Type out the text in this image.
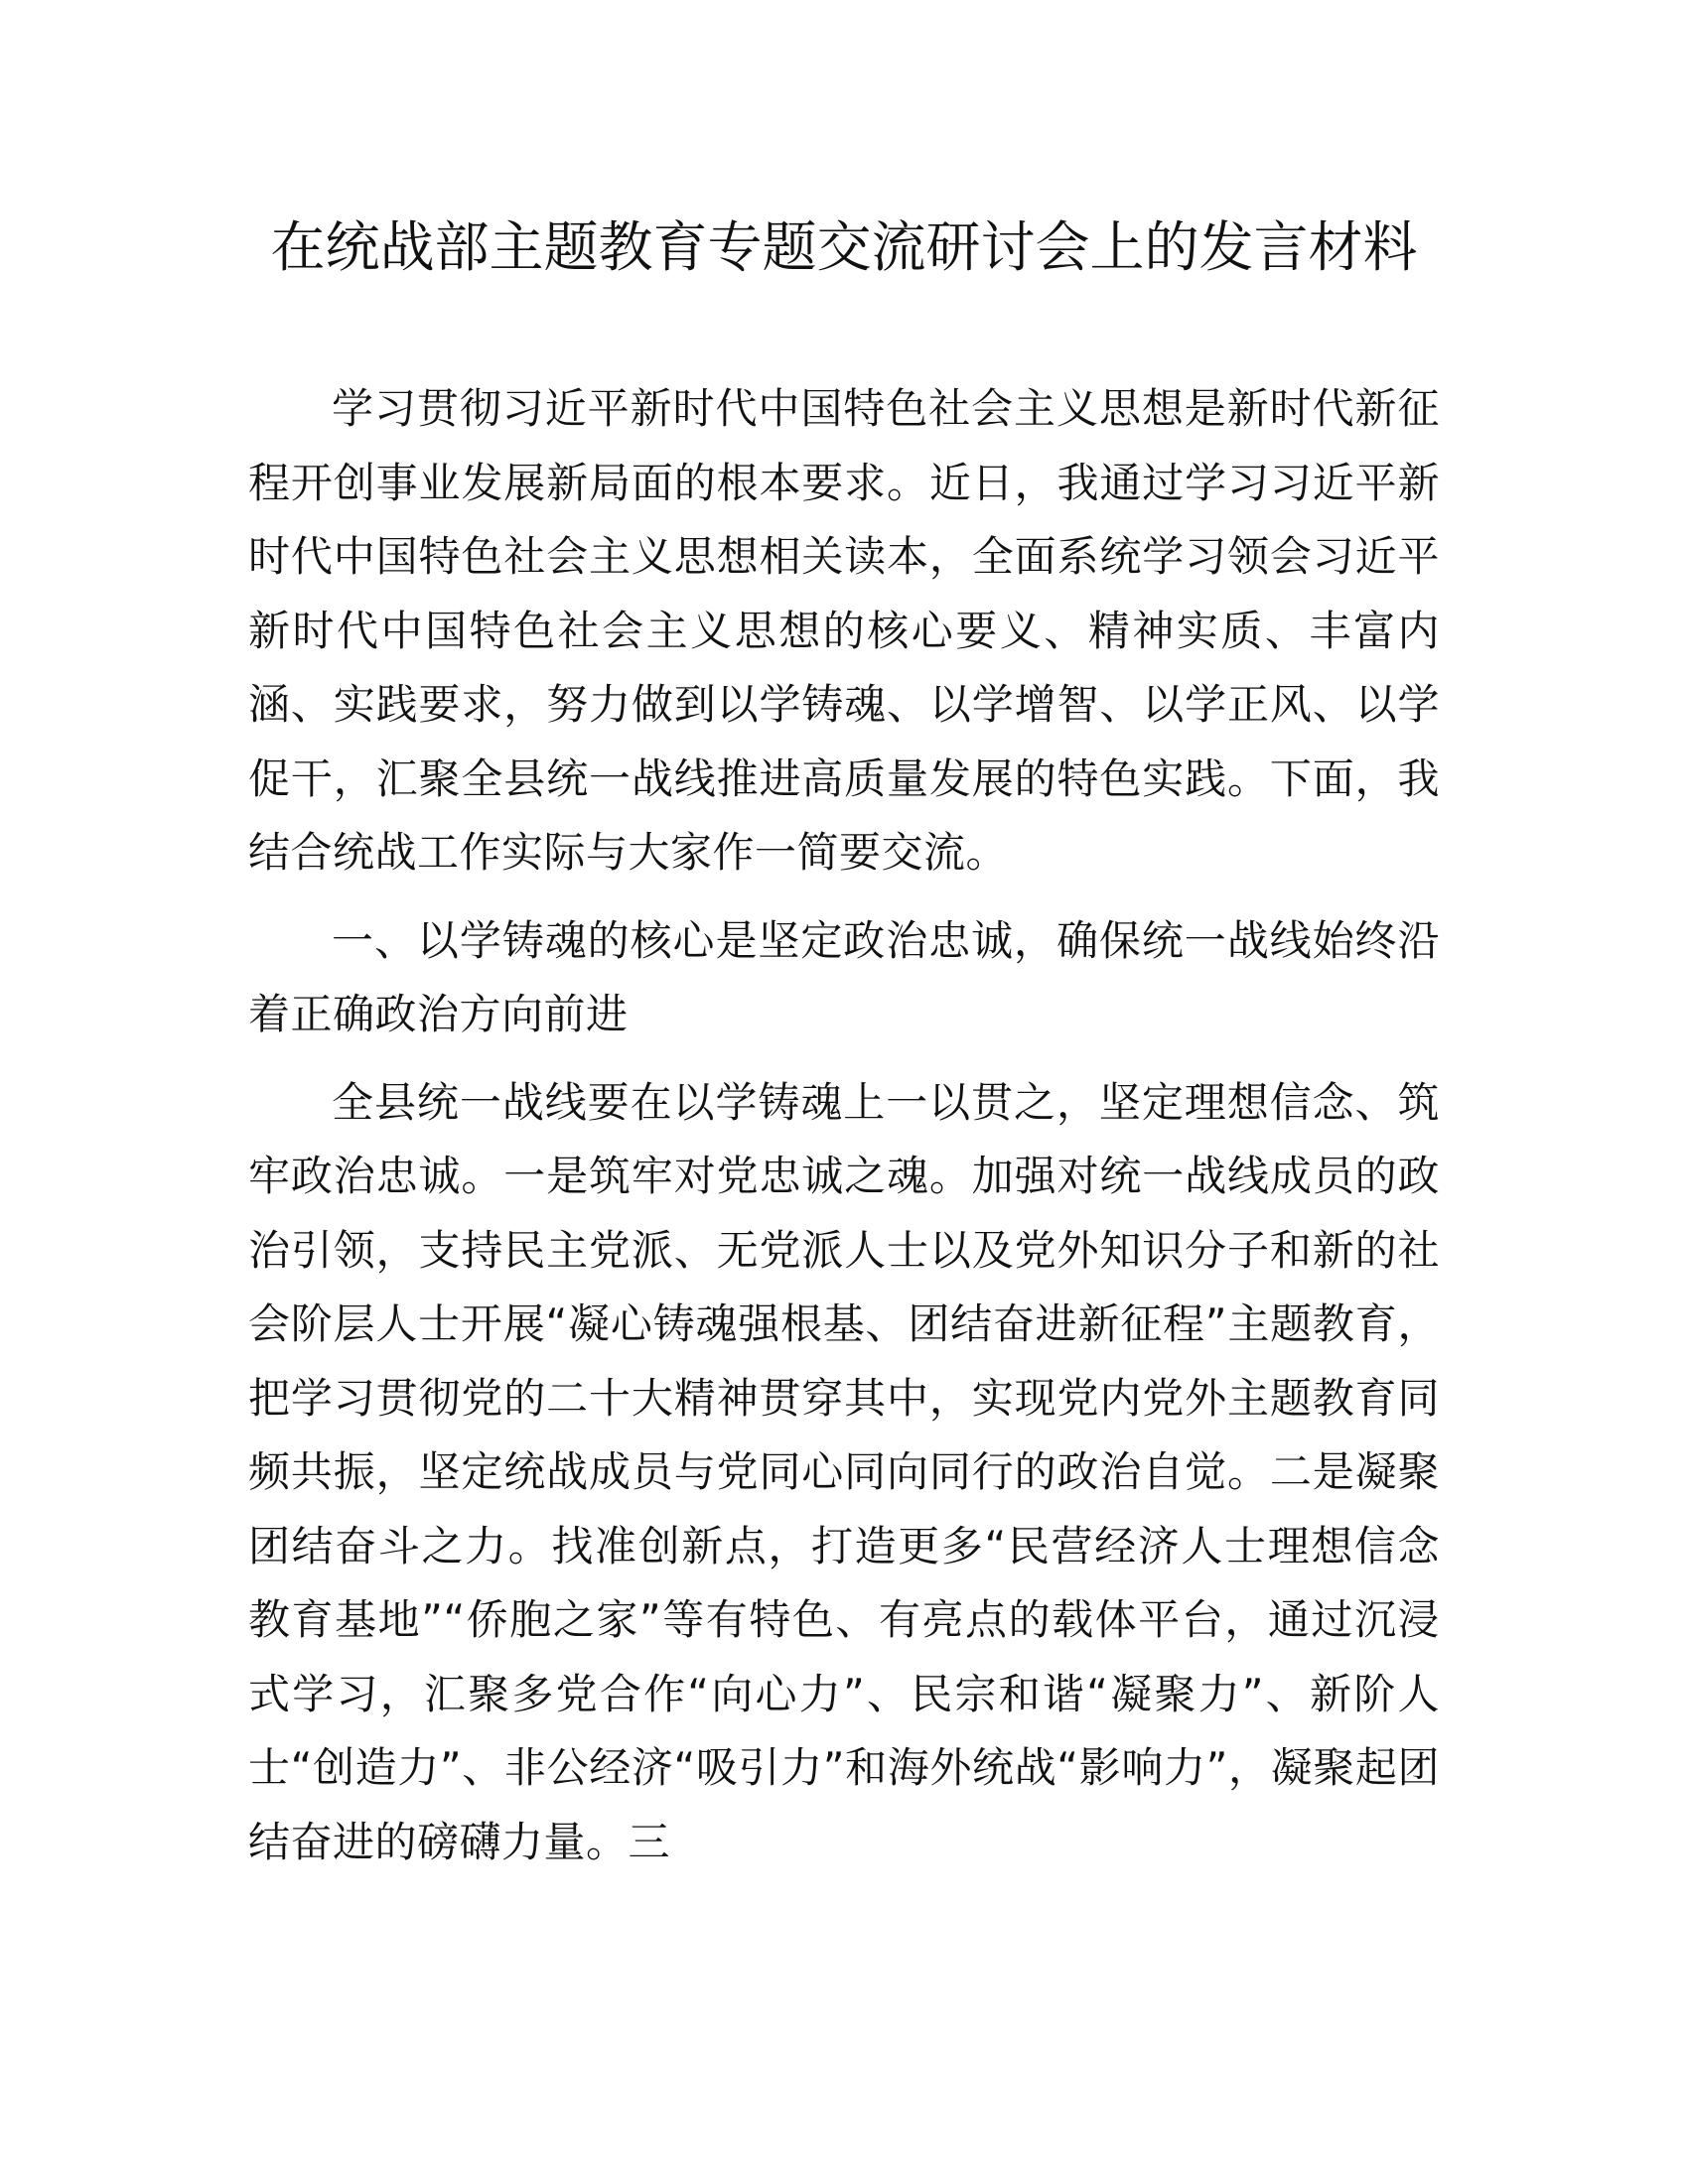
在统战部主题教育专题交流研讨会上的发言材料

学习贯彻习近平新时代中国特色社会主义思想是新时代新征程开创事业发展新局面的根本要求。近日，我通过学习习近平新时代中国特色社会主义思想相关读本，全面系统学习领会习近平新时代中国特色社会主义思想的核心要义、精神实质、丰富内涵、实践要求，努力做到以学铸魂、以学增智、以学正风、以学促干，汇聚全县统一战线推进高质量发展的特色实践。下面，我结合统战工作实际与大家作一简要交流。

一、以学铸魂的核心是坚定政治忠诚，确保统一战线始终沿着正确政治方向前进

全县统一战线要在以学铸魂上一以贯之，坚定理想信念、筑牢政治忠诚。一是筑牢对党忠诚之魂。加强对统一战线成员的政治引领，支持民主党派、无党派人士以及党外知识分子和新的社会阶层人士开展“凝心铸魂强根基、团结奋进新征程”主题教育，把学习贯彻党的二十大精神贯穿其中，实现党内党外主题教育同频共振，坚定统战成员与党同心同向同行的政治自觉。二是凝聚团结奋斗之力。找准创新点，打造更多“民营经济人士理想信念教育基地”“侨胞之家”等有特色、有亮点的载体平台，通过沉浸式学习，汇聚多党合作“向心力”、民宗和谐“凝聚力”、新阶人士“创造力”、非公经济“吸引力”和海外统战“影响力”，凝聚起团结奋进的磅礴力量。三
